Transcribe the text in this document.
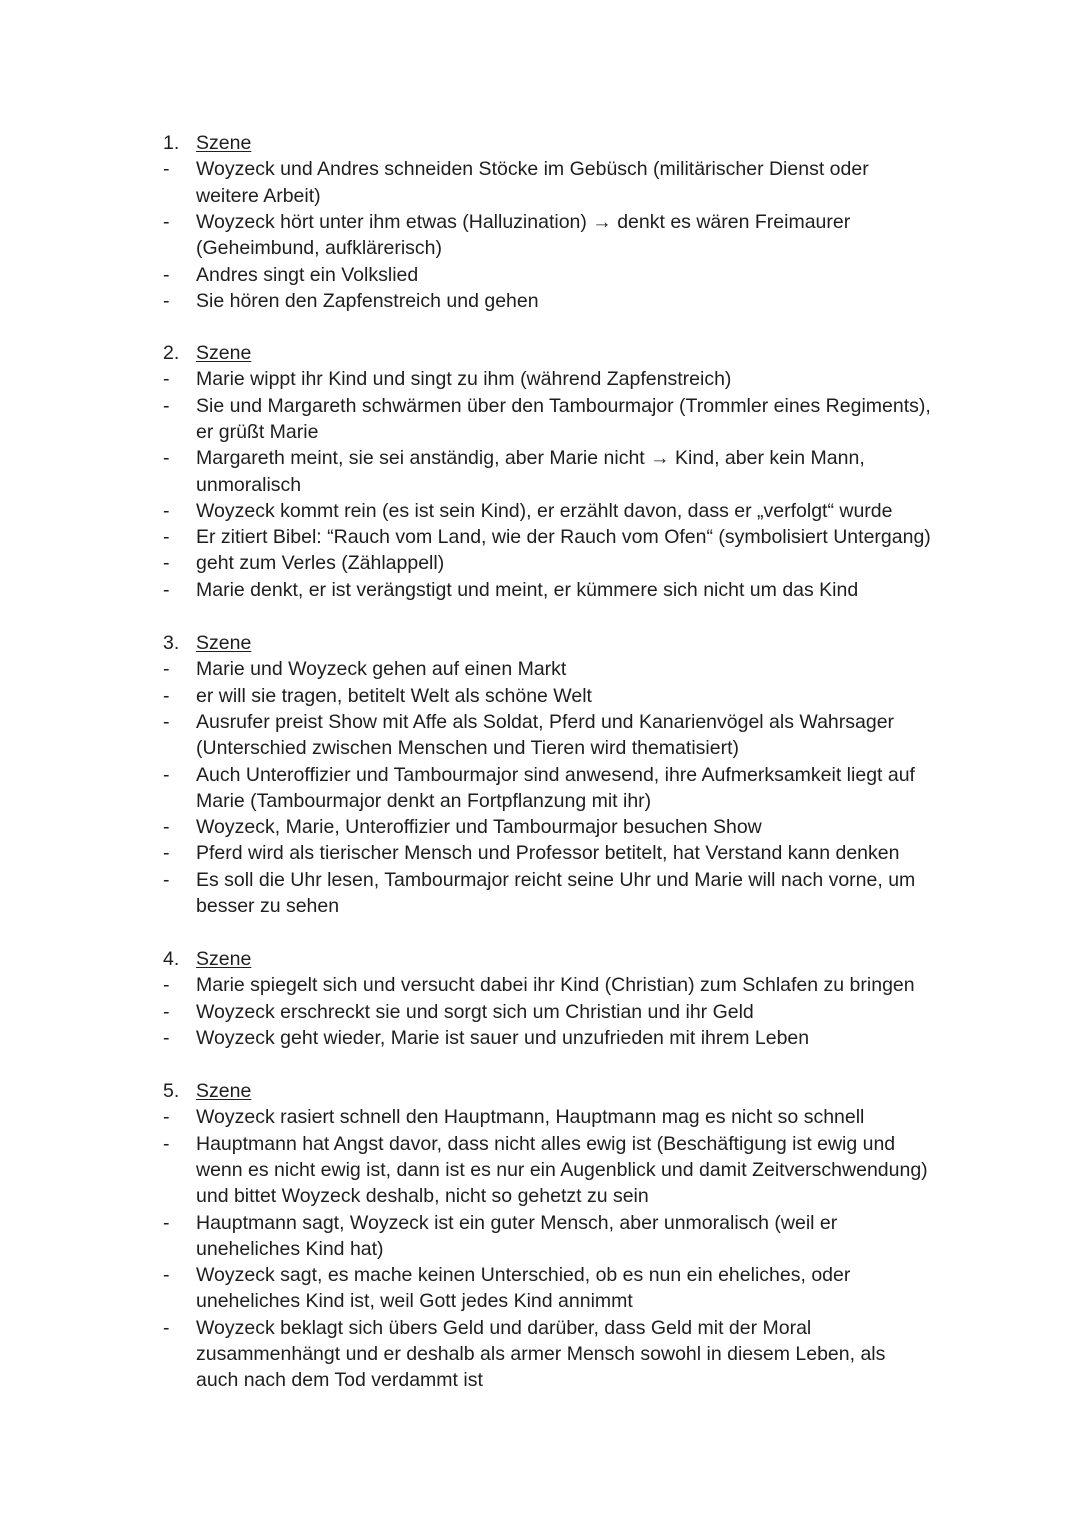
1. Szene
- Woyzeck und Andres schneiden Stöcke im Gebüsch (militärischer Dienst oder
weitere Arbeit)
- Woyzeck hört unter ihm etwas (Halluzination) → denkt es wären Freimaurer
(Geheimbund, aufklärerisch)
- Andres singt ein Volkslied
- Sie hören den Zapfenstreich und gehen
2. Szene
- Marie wippt ihr Kind und singt zu ihm (während Zapfenstreich)
- Sie und Margareth schwärmen über den Tambourmajor (Trommler eines Regiments),
er grüßt Marie
- Margareth meint, sie sei anständig, aber Marie nicht → Kind, aber kein Mann,
unmoralisch
- Woyzeck kommt rein (es ist sein Kind), er erzählt davon, dass er „verfolgt“ wurde
- Er zitiert Bibel: “Rauch vom Land, wie der Rauch vom Ofen“ (symbolisiert Untergang)
- geht zum Verles (Zählappell)
- Marie denkt, er ist verängstigt und meint, er kümmere sich nicht um das Kind
3. Szene
- Marie und Woyzeck gehen auf einen Markt
- er will sie tragen, betitelt Welt als schöne Welt
- Ausrufer preist Show mit Affe als Soldat, Pferd und Kanarienvögel als Wahrsager
(Unterschied zwischen Menschen und Tieren wird thematisiert)
- Auch Unteroffizier und Tambourmajor sind anwesend, ihre Aufmerksamkeit liegt auf
Marie (Tambourmajor denkt an Fortpflanzung mit ihr)
- Woyzeck, Marie, Unteroffizier und Tambourmajor besuchen Show
- Pferd wird als tierischer Mensch und Professor betitelt, hat Verstand kann denken
- Es soll die Uhr lesen, Tambourmajor reicht seine Uhr und Marie will nach vorne, um
besser zu sehen
4. Szene
- Marie spiegelt sich und versucht dabei ihr Kind (Christian) zum Schlafen zu bringen
- Woyzeck erschreckt sie und sorgt sich um Christian und ihr Geld
- Woyzeck geht wieder, Marie ist sauer und unzufrieden mit ihrem Leben
5. Szene
- Woyzeck rasiert schnell den Hauptmann, Hauptmann mag es nicht so schnell
- Hauptmann hat Angst davor, dass nicht alles ewig ist (Beschäftigung ist ewig und
wenn es nicht ewig ist, dann ist es nur ein Augenblick und damit Zeitverschwendung)
und bittet Woyzeck deshalb, nicht so gehetzt zu sein
- Hauptmann sagt, Woyzeck ist ein guter Mensch, aber unmoralisch (weil er
uneheliches Kind hat)
- Woyzeck sagt, es mache keinen Unterschied, ob es nun ein eheliches, oder
uneheliches Kind ist, weil Gott jedes Kind annimmt
- Woyzeck beklagt sich übers Geld und darüber, dass Geld mit der Moral
zusammenhängt und er deshalb als armer Mensch sowohl in diesem Leben, als
auch nach dem Tod verdammt ist
